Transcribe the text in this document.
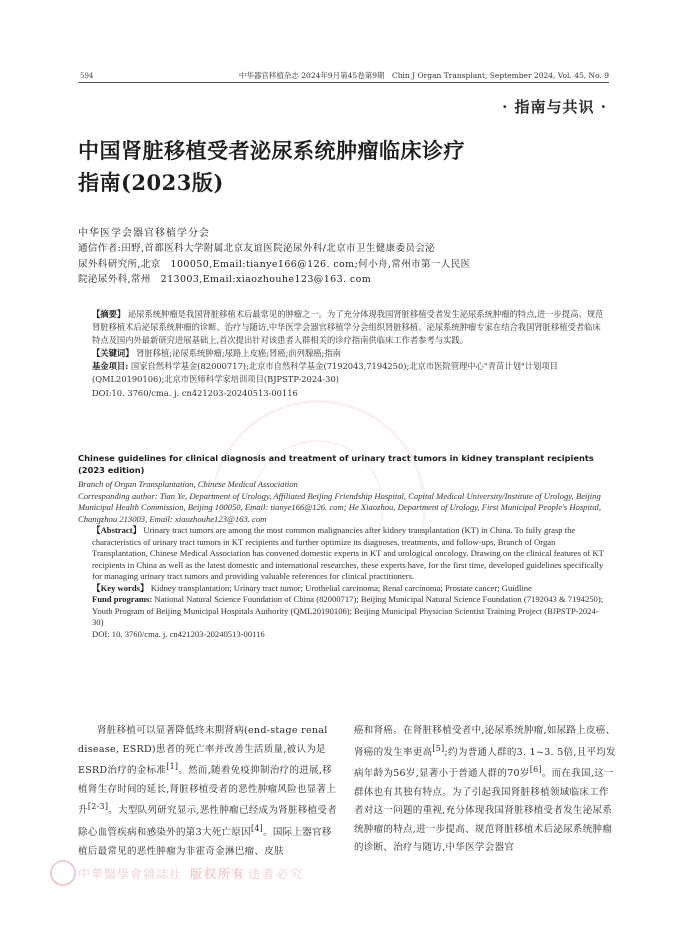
594	中华器官移植杂志 2024年9月第45卷第9期　Chin J Organ Transplant, September 2024, Vol. 45, No. 9
· 指南与共识 ·
中国肾脏移植受者泌尿系统肿瘤临床诊疗
指南(2023版)
中华医学会器官移植学分会
通信作者:田野,首都医科大学附属北京友谊医院泌尿外科/北京市卫生健康委员会泌
尿外科研究所,北京　100050,Email:tianye166@126. com;何小舟,常州市第一人民医
院泌尿外科,常州　213003,Email:xiaozhouhe123@163. com

【摘要】 泌尿系统肿瘤是我国肾脏移植术后最常见的肿瘤之一。为了充分体现我国肾脏移植受者发生泌尿系统肿瘤的特点,进一步提高、规范肾脏移植术后泌尿系统肿瘤的诊断、治疗与随访,中华医学会器官移植学分会组织肾脏移植、泌尿系统肿瘤专家在结合我国肾脏移植受者临床特点及国内外最新研究进展基础上,首次提出针对该患者人群相关的诊疗指南供临床工作者参考与实践。

【关键词】 肾脏移植;泌尿系统肿瘤;尿路上皮癌;肾癌;前列腺癌;指南

基金项目: 国家自然科学基金(82000717);北京市自然科学基金(7192043,7194250);北京市医院管理中心"青苗计划"计划项目(QML20190106);北京市医师科学家培训项目(BJPSTP-2024-30)

DOI:10. 3760/cma. j. cn421203-20240513-00116

Chinese guidelines for clinical diagnosis and treatment of urinary tract tumors in kidney transplant recipients (2023 edition)

Branch of Organ Transplantation, Chinese Medical Association

Corresponding author: Tian Ye, Department of Urology, Affiliated Beijing Friendship Hospital, Capital Medical University/Institute of Urology, Beijing Municipal Health Commission, Beijing 100050, Email: tianye166@126. com; He Xiaozhou, Department of Urology, First Municipal People's Hospital, Changzhou 213003, Email: xiaozhouhe123@163. com

【Abstract】 Urinary tract tumors are among the most common malignancies after kidney transplantation (KT) in China. To fully grasp the characteristics of urinary tract tumors in KT recipients and further optimize its diagnoses, treatments, and follow-ups, Branch of Organ Transplantation, Chinese Medical Association has convened domestic experts in KT and urological oncology. Drawing on the clinical features of KT recipients in China as well as the latest domestic and international researches, these experts have, for the first time, developed guidelines specifically for managing urinary tract tumors and providing valuable references for clinical practitioners.

【Key words】 Kidney transplantation; Urinary tract tumor; Urothelial carcinoma; Renal carcinoma; Prostate cancer; Guidline

Fund programs: National Natural Science Foundation of China (82000717); Beijing Municipal Natural Science Foundation (7192043 & 7194250); Youth Program of Beijing Municipal Hospitals Authority (QML20190106); Beijing Municipal Physician Scientist Training Project (BJPSTP-2024-30)

DOI: 10. 3760/cma. j. cn421203-20240513-00116

肾脏移植可以显著降低终末期肾病(end-stage renal disease, ESRD)患者的死亡率并改善生活质量,被认为是ESRD治疗的金标准[1]。然而,随着免疫抑制治疗的进展,移植肾生存时间的延长,肾脏移植受者的恶性肿瘤风险也显著上升[2-3]。大型队列研究显示,恶性肿瘤已经成为肾脏移植受者除心血管疾病和感染外的第3大死亡原因[4]。国际上器官移植后最常见的恶性肿瘤为非霍奇金淋巴瘤、皮肤

癌和肾癌。在肾脏移植受者中,泌尿系统肿瘤,如尿路上皮癌、肾癌的发生率更高[5];约为普通人群的3. 1~3. 5倍,且平均发病年龄为56岁,显著小于普通人群的70岁[6]。而在我国,这一群体也有其独有特点。为了引起我国肾脏移植领域临床工作者对这一问题的重视,充分体现我国肾脏移植受者发生泌尿系统肿瘤的特点,进一步提高、规范肾脏移植术后泌尿系统肿瘤的诊断、治疗与随访,中华医学会器官

中華醫學會雜誌社 版权所有 违者必究
